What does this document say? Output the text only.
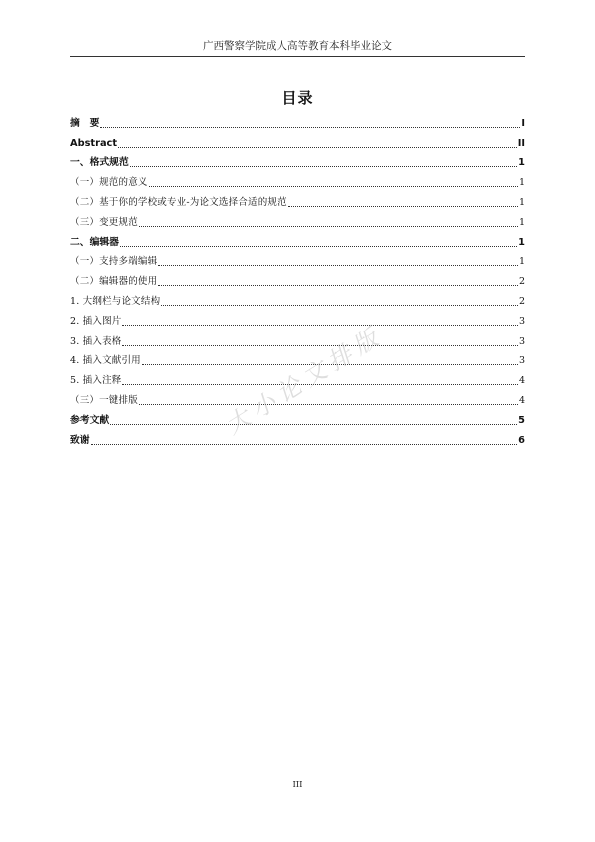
广西警察学院成人高等教育本科毕业论文
目录
摘　要	I
Abstract	II
一、格式规范	1
（一）规范的意义	1
（二）基于你的学校或专业-为论文选择合适的规范	1
（三）变更规范	1
二、编辑器	1
（一）支持多端编辑	1
（二）编辑器的使用	2
1. 大纲栏与论文结构	2
2. 插入图片	3
3. 插入表格	3
4. 插入文献引用	3
5. 插入注释	4
（三）一键排版	4
参考文献	5
致谢	6
大小论文排版
III
